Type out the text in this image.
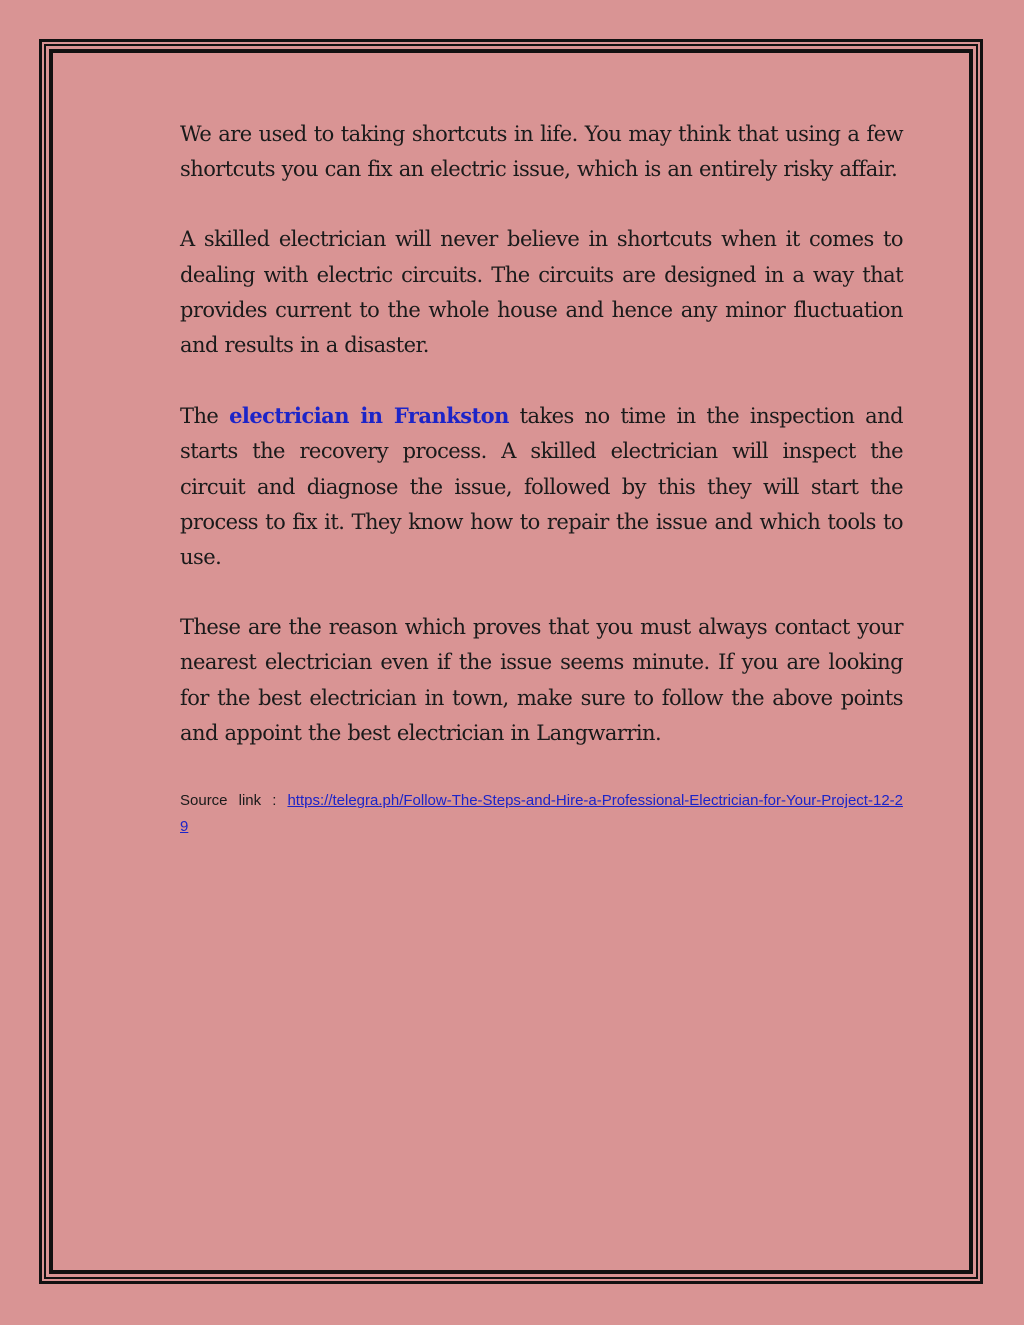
We are used to taking shortcuts in life. You may think that using a few shortcuts you can fix an electric issue, which is an entirely risky affair.

A skilled electrician will never believe in shortcuts when it comes to dealing with electric circuits. The circuits are designed in a way that provides current to the whole house and hence any minor fluctuation and results in a disaster.

The electrician in Frankston takes no time in the inspection and starts the recovery process. A skilled electrician will inspect the circuit and diagnose the issue, followed by this they will start the process to fix it. They know how to repair the issue and which tools to use.

These are the reason which proves that you must always contact your nearest electrician even if the issue seems minute. If you are looking for the best electrician in town, make sure to follow the above points and appoint the best electrician in Langwarrin.

Source link : https://telegra.ph/Follow-The-Steps-and-Hire-a-Professional-Electrician-for-Your-Project-12-29
